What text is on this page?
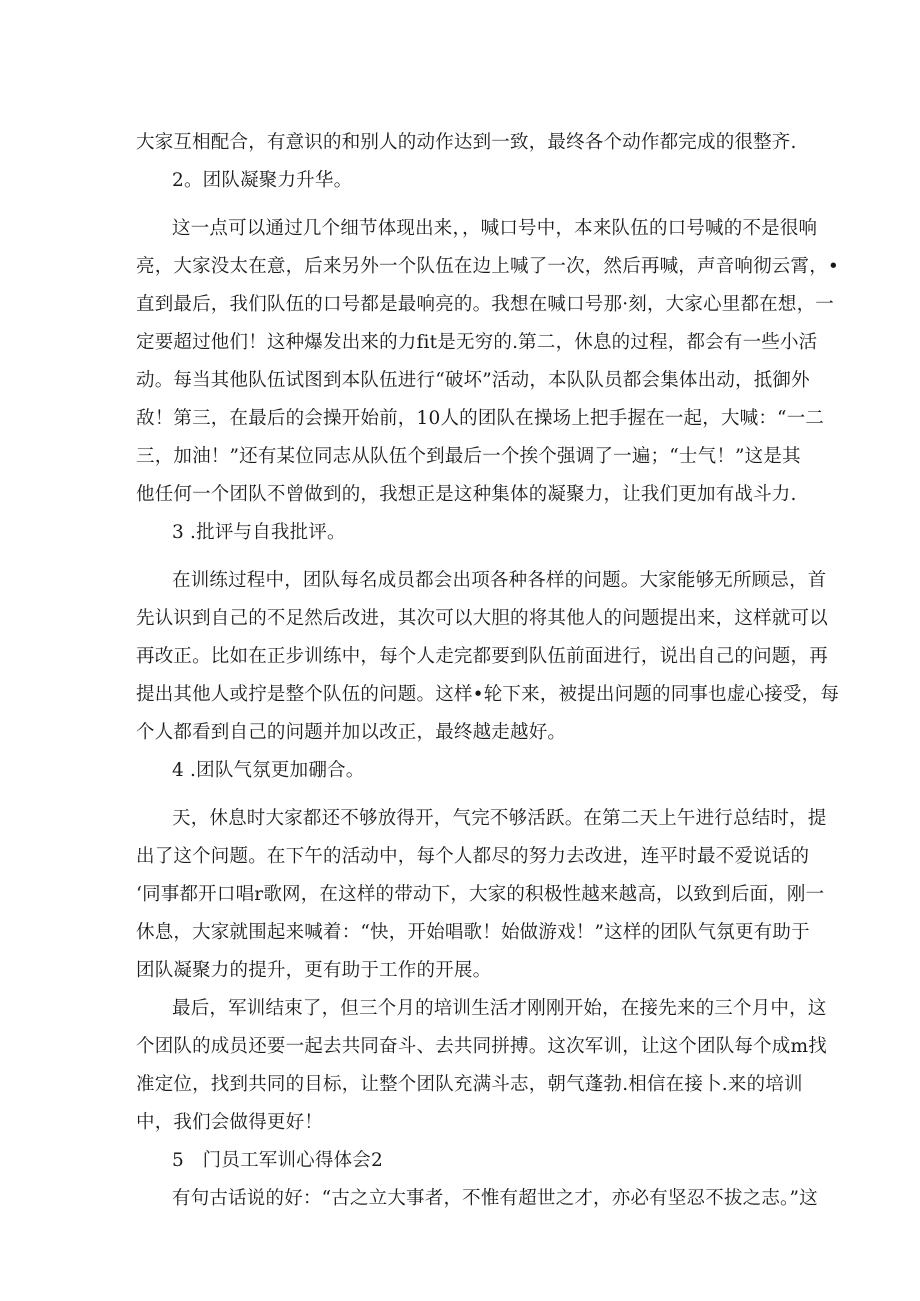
大家互相配合，有意识的和别人的动作达到一致，最终各个动作都完成的很整齐.
2。团队凝聚力升华。
这一点可以通过几个细节体现出来，，喊口号中，本来队伍的口号喊的不是很响
亮，大家没太在意，后来另外一个队伍在边上喊了一次，然后再喊，声音响彻云霄，•
直到最后，我们队伍的口号都是最响亮的。我想在喊口号那·刻，大家心里都在想，一
定要超过他们！这种爆发出来的力fit是无穷的.第二，休息的过程，都会有一些小活
动。每当其他队伍试图到本队伍进行“破坏”活动，本队队员都会集体出动，抵御外
敌！第三，在最后的会操开始前，10人的团队在操场上把手握在一起，大喊：“一二
三，加油！”还有某位同志从队伍个到最后一个挨个强调了一遍；“士气！”这是其
他任何一个团队不曾做到的，我想正是这种集体的凝聚力，让我们更加有战斗力.
3 .批评与自我批评。
在训练过程中，团队每名成员都会出项各种各样的问题。大家能够无所顾忌，首
先认识到自己的不足然后改进，其次可以大胆的将其他人的问题提出来，这样就可以
再改正。比如在正步训练中，每个人走完都要到队伍前面进行，说出自己的问题，再
提出其他人或拧是整个队伍的问题。这样•轮下来，被提出问题的同事也虚心接受，每
个人都看到自己的问题并加以改正，最终越走越好。
4 .团队气氛更加硼合。
天，休息时大家都还不够放得开，气完不够活跃。在第二天上午进行总结时，提
出了这个问题。在下午的活动中，每个人都尽的努力去改进，连平时最不爱说话的
‘同事都开口唱r歌网，在这样的带动下，大家的积极性越来越高，以致到后面，刚一
休息，大家就围起来喊着：“快，开始唱歌！始做游戏！”这样的团队气氛更有助于
团队凝聚力的提升，更有助于工作的开展。
最后，军训结束了，但三个月的培训生活才刚刚开始，在接先来的三个月中，这
个团队的成员还要一起去共同奋斗、去共同拼搏。这次军训，让这个团队每个成m找
准定位，找到共同的目标，让整个团队充满斗志，朝气蓬勃.相信在接卜.来的培训
中，我们会做得更好！
5　门员工军训心得体会2
有句古话说的好：“古之立大事者，不惟有超世之才，亦必有坚忍不拔之志。”这
